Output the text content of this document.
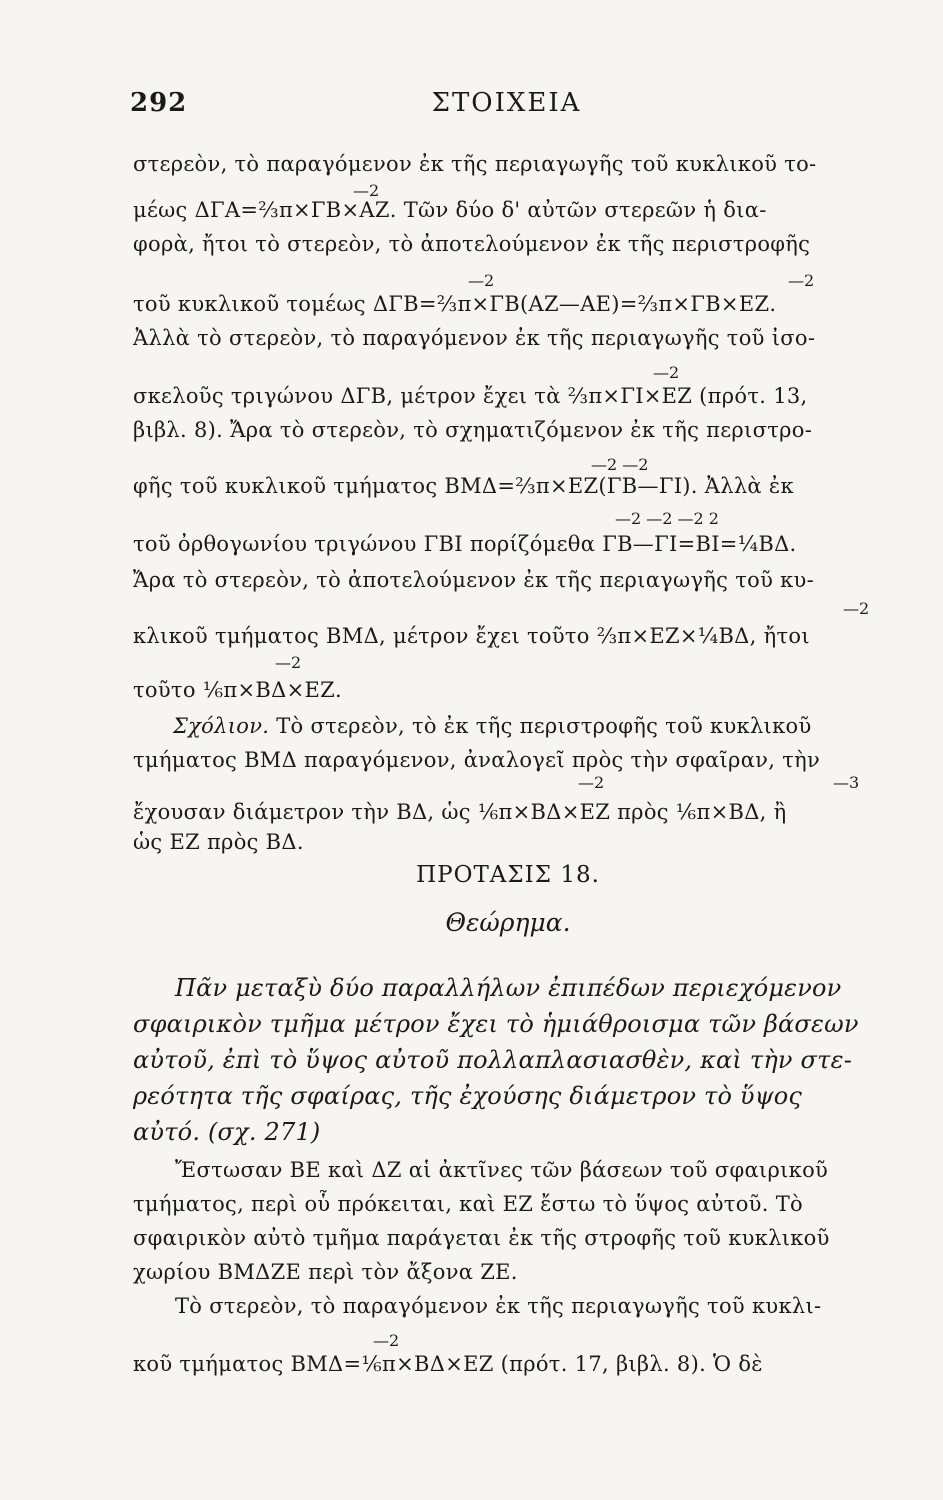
292	ΣΤΟΙΧΕΙΑ
στερεὸν, τὸ παραγόμενον ἐκ τῆς περιαγωγῆς τοῦ κυκλικοῦ το-
—2
μέως ΔΓΑ=⅔π×ΓΒ×ΑΖ. Τῶν δύο δ' αὐτῶν στερεῶν ἡ δια-
φορὰ, ἤτοι τὸ στερεὸν, τὸ ἀποτελούμενον ἐκ τῆς περιστροφῆς
—2	—2
τοῦ κυκλικοῦ τομέως ΔΓΒ=⅔π×ΓΒ(ΑΖ—ΑΕ)=⅔π×ΓΒ×ΕΖ.
Ἀλλὰ τὸ στερεὸν, τὸ παραγόμενον ἐκ τῆς περιαγωγῆς τοῦ ἰσο-
—2
σκελοῦς τριγώνου ΔΓΒ, μέτρον ἔχει τὰ ⅔π×ΓΙ×ΕΖ (πρότ. 13,
βιβλ. 8). Ἄρα τὸ στερεὸν, τὸ σχηματιζόμενον ἐκ τῆς περιστρο-
—2 —2
φῆς τοῦ κυκλικοῦ τμήματος ΒΜΔ=⅔π×ΕΖ(ΓΒ—ΓΙ). Ἀλλὰ ἐκ
—2 —2 —2 2
τοῦ ὀρθογωνίου τριγώνου ΓΒΙ πορίζόμεθα ΓΒ—ΓΙ=ΒΙ=¼ΒΔ.
Ἄρα τὸ στερεὸν, τὸ ἀποτελούμενον ἐκ τῆς περιαγωγῆς τοῦ κυ-
—2
κλικοῦ τμήματος ΒΜΔ, μέτρον ἔχει τοῦτο ⅔π×ΕΖ×¼ΒΔ, ἤτοι
—2
τοῦτο ⅙π×ΒΔ×ΕΖ.
Σχόλιον. Τὸ στερεὸν, τὸ ἐκ τῆς περιστροφῆς τοῦ κυκλικοῦ
τμήματος ΒΜΔ παραγόμενον, ἀναλογεῖ πρὸς τὴν σφαῖραν, τὴν
—2	—3
ἔχουσαν διάμετρον τὴν ΒΔ, ὡς ⅙π×ΒΔ×ΕΖ πρὸς ⅙π×ΒΔ, ἢ
ὡς ΕΖ πρὸς ΒΔ.
ΠΡΟΤΑΣΙΣ 18.
Θεώρημα.
Πᾶν μεταξὺ δύο παραλλήλων ἐπιπέδων περιεχόμενον
σφαιρικὸν τμῆμα μέτρον ἔχει τὸ ἡμιάθροισμα τῶν βάσεων
αὐτοῦ, ἐπὶ τὸ ὕψος αὐτοῦ πολλαπλασιασθὲν, καὶ τὴν στε-
ρεότητα τῆς σφαίρας, τῆς ἐχούσης διάμετρον τὸ ὕψος
αὐτό. (σχ. 271)
Ἔστωσαν ΒΕ καὶ ΔΖ αἱ ἀκτῖνες τῶν βάσεων τοῦ σφαιρικοῦ
τμήματος, περὶ οὗ πρόκειται, καὶ ΕΖ ἔστω τὸ ὕψος αὐτοῦ. Τὸ
σφαιρικὸν αὐτὸ τμῆμα παράγεται ἐκ τῆς στροφῆς τοῦ κυκλικοῦ
χωρίου ΒΜΔΖΕ περὶ τὸν ἄξονα ΖΕ.
Τὸ στερεὸν, τὸ παραγόμενον ἐκ τῆς περιαγωγῆς τοῦ κυκλι-
—2
κοῦ τμήματος ΒΜΔ=⅙π×ΒΔ×ΕΖ (πρότ. 17, βιβλ. 8). Ὁ δὲ
